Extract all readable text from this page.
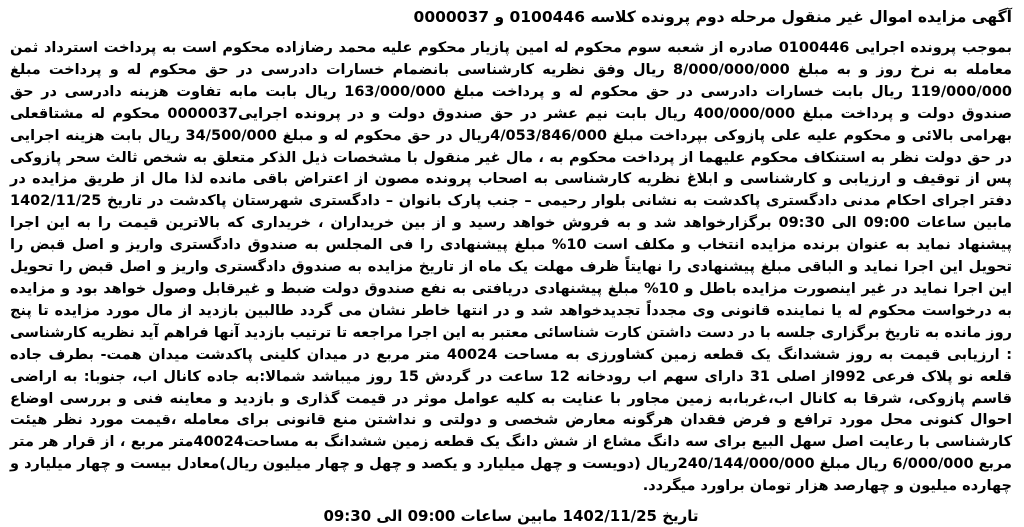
آگهی مزایده اموال غیر منقول مرحله دوم پرونده کلاسه 0100446 و 0000037
بموجب پرونده اجرایی 0100446 صادره از شعبه سوم محکوم له امین پازیار محکوم علیه محمد رضازاده محکوم است به پرداخت استرداد ثمن معامله به نرخ روز و به مبلغ 8/000/000/000 ریال وفق نظریه کارشناسی بانضمام خسارات دادرسی در حق محکوم له و پرداخت مبلغ 119/000/000 ریال بابت خسارات دادرسی در حق محکوم له و پرداخت مبلغ 163/000/000 ریال بابت مابه تفاوت هزینه دادرسی در حق صندوق دولت و پرداخت مبلغ 400/000/000 ریال بابت نیم عشر در حق صندوق دولت و در پرونده اجرایی0000037 محکوم له مشتاقعلی بهرامی بالائی و محکوم علیه علی پازوکی بپرداخت مبلغ 4/053/846/000ریال در حق محکوم له و مبلغ 34/500/000 ریال بابت هزینه اجرایی در حق دولت نظر به استنکاف محکوم علیهما از پرداخت محکوم به ، مال غیر منقول با مشخصات ذیل الذکر متعلق به شخص ثالث سحر پازوکی پس از توقیف و ارزیابی و کارشناسی و ابلاغ نظریه کارشناسی به اصحاب پرونده مصون از اعتراض باقی مانده لذا مال از طریق مزایده در دفتر اجرای احکام مدنی دادگستری پاکدشت به نشانی بلوار رحیمی – جنب پارک بانوان – دادگستری شهرستان پاکدشت در تاریخ 1402/11/25 مابین ساعات 09:00 الی 09:30 برگزارخواهد شد و به فروش خواهد رسید و از بین خریداران ، خریداری که بالاترین قیمت را به این اجرا پیشنهاد نماید به عنوان برنده مزایده انتخاب و مکلف است 10% مبلغ پیشنهادی را فی المجلس به صندوق دادگستری واریز و اصل قبض را تحویل این اجرا نماید و الباقی مبلغ پیشنهادی را نهایتاً ظرف مهلت یک ماه از تاریخ مزایده به صندوق دادگستری واریز و اصل قبض را تحویل این اجرا نماید در غیر اینصورت مزایده باطل و 10% مبلغ پیشنهادی دریافتی به نفع صندوق دولت ضبط و غیرقابل وصول خواهد بود و مزایده به درخواست محکوم له یا نماینده قانونی وی مجدداً تجدیدخواهد شد و در انتها خاطر نشان می گردد طالبین بازدید از مال مورد مزایده تا پنج روز مانده به تاریخ برگزاری جلسه با در دست داشتن کارت شناسائی معتبر به این اجرا مراجعه تا ترتیب بازدید آنها فراهم آید نظریه کارشناسی : ارزیابی قیمت به روز ششدانگ یک قطعه زمین کشاورزی به مساحت 40024 متر مربع در میدان کلینی پاکدشت میدان همت- بطرف جاده قلعه نو پلاک فرعی 992از اصلی 31 دارای سهم اب رودخانه 12 ساعت در گردش 15 روز میباشد شمالا:به جاده کانال اب، جنوبا: به اراضی قاسم پازوکی، شرقا به کانال اب،غربا،به زمین مجاور با عنایت به کلیه عوامل موثر در قیمت گذاری و بازدید و معاینه فنی و بررسی اوضاع احوال کنونی محل مورد ترافع و فرض فقدان هرگونه معارض شخصی و دولتی و نداشتن منع قانونی برای معامله ،قیمت مورد نظر هیئت کارشناسی با رعایت اصل سهل البیع برای سه دانگ مشاع از شش دانگ یک قطعه زمین ششدانگ به مساحت40024متر مربع ، از قرار هر متر مربع 6/000/000 ریال مبلغ 240/144/000/000ریال (دویست و چهل میلیارد و یکصد و چهل و چهار میلیون ریال)معادل بیست و چهار میلیارد و چهارده میلیون و چهارصد هزار تومان براورد میگردد.
تاریخ 1402/11/25 مابین ساعات 09:00 الی 09:30
